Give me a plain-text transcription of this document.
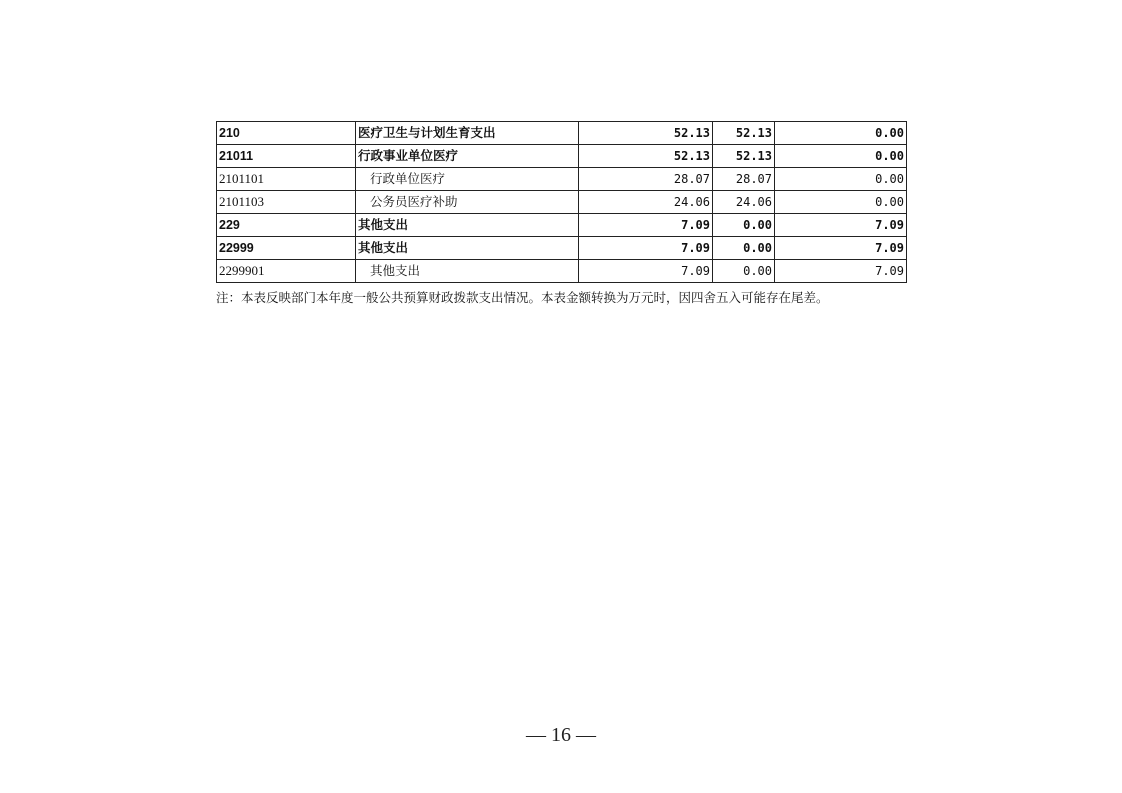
210	医疗卫生与计划生育支出	52.13	52.13	0.00
21011	行政事业单位医疗	52.13	52.13	0.00
2101101	行政单位医疗	28.07	28.07	0.00
2101103	公务员医疗补助	24.06	24.06	0.00
229	其他支出	7.09	0.00	7.09
22999	其他支出	7.09	0.00	7.09
2299901	其他支出	7.09	0.00	7.09
注：本表反映部门本年度一般公共预算财政拨款支出情况。本表金额转换为万元时，因四舍五入可能存在尾差。
— 16 —
